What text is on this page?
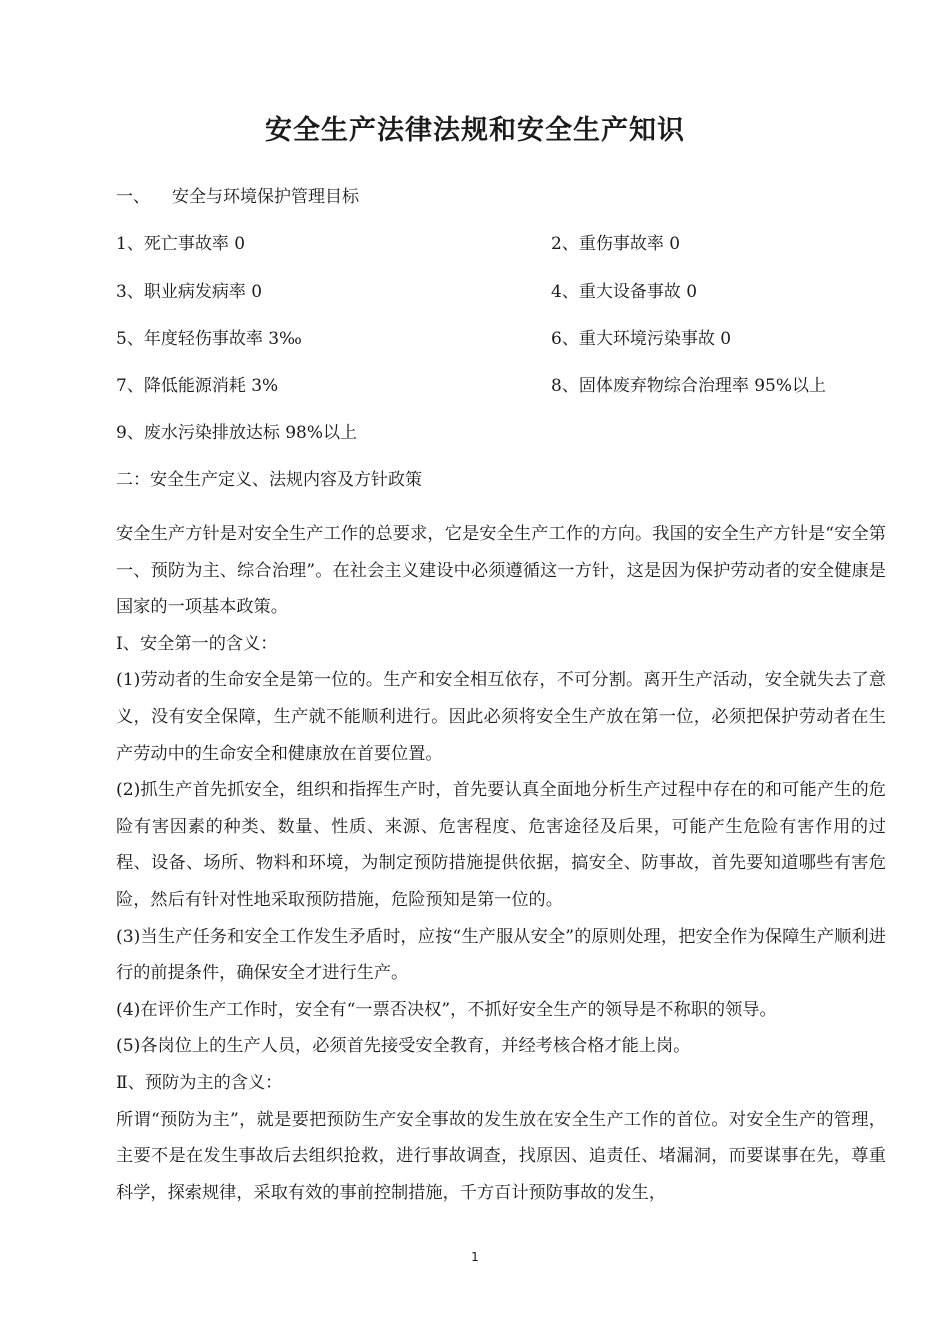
安全生产法律法规和安全生产知识
一、 安全与环境保护管理目标
1、死亡事故率 0	2、重伤事故率 0
3、职业病发病率 0	4、重大设备事故 0
5、年度轻伤事故率 3‰	6、重大环境污染事故 0
7、降低能源消耗 3%	8、固体废弃物综合治理率 95%以上
9、废水污染排放达标 98%以上
二：安全生产定义、法规内容及方针政策

安全生产方针是对安全生产工作的总要求，它是安全生产工作的方向。我国的安全生产方针是“安全第一、预防为主、综合治理”。在社会主义建设中必须遵循这一方针，这是因为保护劳动者的安全健康是国家的一项基本政策。

Ⅰ、安全第一的含义：

(1)劳动者的生命安全是第一位的。生产和安全相互依存，不可分割。离开生产活动，安全就失去了意义，没有安全保障，生产就不能顺利进行。因此必须将安全生产放在第一位，必须把保护劳动者在生产劳动中的生命安全和健康放在首要位置。

(2)抓生产首先抓安全，组织和指挥生产时，首先要认真全面地分析生产过程中存在的和可能产生的危险有害因素的种类、数量、性质、来源、危害程度、危害途径及后果，可能产生危险有害作用的过程、设备、场所、物料和环境，为制定预防措施提供依据，搞安全、防事故，首先要知道哪些有害危险，然后有针对性地采取预防措施，危险预知是第一位的。

(3)当生产任务和安全工作发生矛盾时，应按“生产服从安全”的原则处理，把安全作为保障生产顺利进行的前提条件，确保安全才进行生产。

(4)在评价生产工作时，安全有“一票否决权”，不抓好安全生产的领导是不称职的领导。

(5)各岗位上的生产人员，必须首先接受安全教育，并经考核合格才能上岗。

Ⅱ、预防为主的含义：

所谓“预防为主”，就是要把预防生产安全事故的发生放在安全生产工作的首位。对安全生产的管理，主要不是在发生事故后去组织抢救，进行事故调查，找原因、追责任、堵漏洞，而要谋事在先，尊重科学，探索规律，采取有效的事前控制措施，千方百计预防事故的发生，

1
